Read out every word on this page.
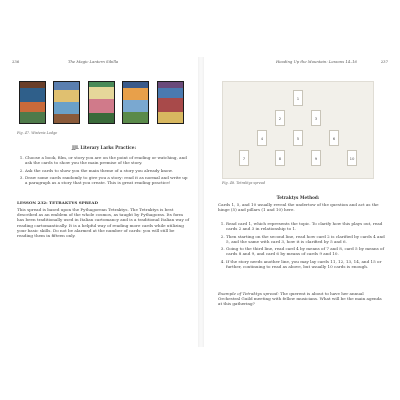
236	The Magic Lantern Sibilla
Fig. 47. Wisteria Lodge
JJL Literary Larks Practice:
1. Choose a book, film, or story you are on the point of reading or watching, and ask the cards to show you the main premise of the story.
2. Ask the cards to show you the main theme of a story you already know.
3. Draw some cards randomly to give you a story: read it as normal and write up a paragraph as a story that you create. This is great reading practice!
LESSON 232: TETRAKTYS SPREAD
This spread is based upon the Pythagorean Tetraktys. The Tetraktys is best described as an emblem of the whole cosmos, as taught by Pythagoras. Its form has been traditionally used in Italian cartomancy and is a traditional Italian way of reading cartomantically. It is a helpful way of reading more cards while utilizing your basic skills. Do not be alarmed at the number of cards: you will still be reading them in fifteen only.
Heading Up the Mountain: Lessons 14–16	237
1
2	3
4	5	6
7	8	9	10
Fig. 48. Tetraktys spread
Tetraktys Method:
Cards 1, 5, and 10 usually reveal the undertow of the question and act as the hinge (5) and pillars (1 and 10) here.
1. Read card 1, which represents the topic. To clarify how this plays out, read cards 2 and 3 in relationship to 1.
2. Then starting on the second line, read how card 2 is clarified by cards 4 and 5, and the same with card 3, how it is clarified by 5 and 6.
3. Going to the third line, read card 4 by means of 7 and 8, card 5 by means of cards 8 and 9, and card 6 by means of cards 9 and 10.
4. If the story needs another line, you may lay cards 11, 12, 13, 14, and 15 or further, continuing to read as above, but usually 10 cards is enough.
Example of Tetraktys spread: The querent is about to have her annual Orchestral Guild meeting with fellow musicians. What will be the main agenda at this gathering?
